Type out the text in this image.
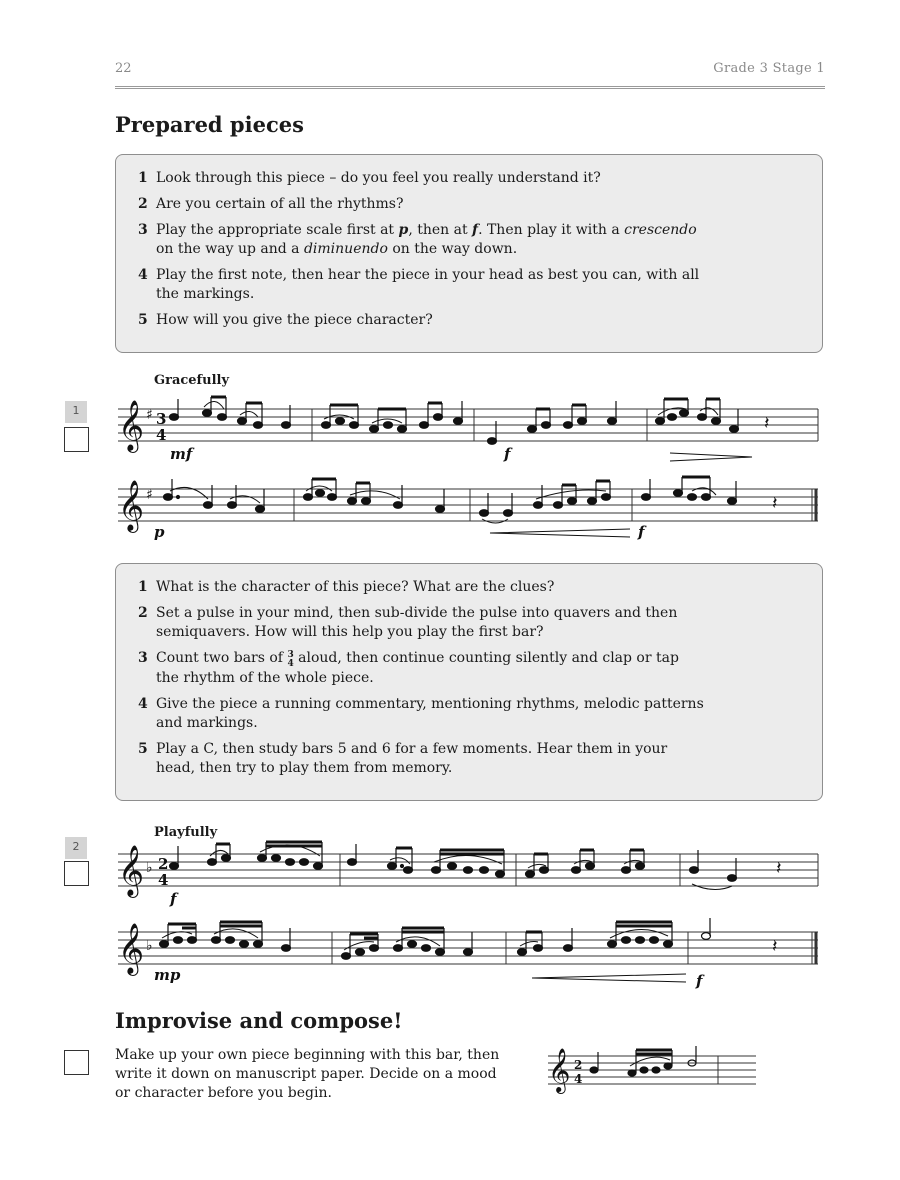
22	Grade 3 Stage 1
Prepared pieces
1 Look through this piece – do you feel you really understand it?
2 Are you certain of all the rhythms?
3 Play the appropriate scale first at p, then at f. Then play it with a crescendo on the way up and a diminuendo on the way down.
4 Play the first note, then hear the piece in your head as best you can, with all the markings.
5 How will you give the piece character?
Gracefully
1 𝄞 ♯ 3
4
𝄽
mf	f
𝄞 ♯	𝄽
p	f
1 What is the character of this piece? What are the clues?
2 Set a pulse in your mind, then sub-divide the pulse into quavers and then semiquavers. How will this help you play the first bar?
3 Count two bars of 3
4 aloud, then continue counting silently and clap or tap the rhythm of the whole piece.
4 Give the piece a running commentary, mentioning rhythms, melodic patterns and markings.
5 Play a C, then study bars 5 and 6 for a few moments. Hear them in your head, then try to play them from memory.
Playfully
2 𝄞 ♭ 2
4
𝄽
f
𝄞 ♭	𝄽
mp	f
Improvise and compose!
Make up your own piece beginning with this bar, then write it down on manuscript paper. Decide on a mood or character before you begin.
𝄞 2
4
